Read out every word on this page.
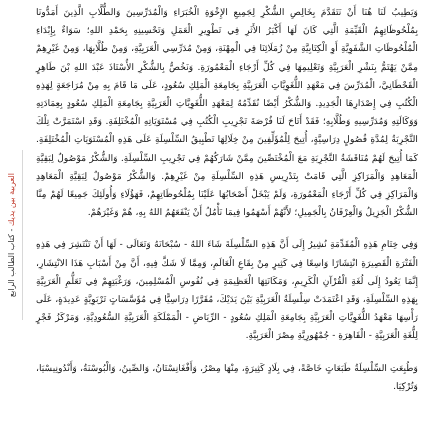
العربية بين يديك - كتاب الطالب الرابع

وَيَطِيبُ لَنَا هُنَا أَنْ نَتَقَدَّمَ بِخَالِصِ الشُّكْرِ لِجَمِيعِ الإِخْوَةِ الْخُبَرَاءِ وَالْمُدَرِّسِينَ وَالطُّلَّابِ الَّذِينَ أَمَدُّونَا بِمُلْحُوظَاتِهِمُ الْقَيِّمَةِ الَّتِي كَانَ لَهَا أَكْبَرُ الأَثَرِ فِي تَطْوِيرِ الْعَمَلِ وَتَحْسِينِهِ بِحَمْدِ اللهِ؛ سَوَاءٌ بِإِبْدَاءِ الْمُلْحُوظَاتِ الشَّفَوِيَّةِ أَوِ الْكِتَابِيَّةِ مِنْ زُمَلَائِنَا فِي الْمِهْنَةِ، وَمِنْ مُدَرِّسِي الْعَرَبِيَّةِ، وَمِنْ طُلَّابِهَا، وَمِنْ غَيْرِهِمْ مِمَّنْ يَهْتَمُّ بِنَشْرِ الْعَرَبِيَّةِ وَتَعْلِيمِهَا فِي كُلِّ أَرْجَاءِ الْمَعْمُورَةِ. وَنَخُصُّ بِالشُّكْرِ الأُسْتَاذَ عَبْدَ اللهِ بْنَ طَاهِرٍ الْقَحْطَانِيَّ، الْمُدَرِّسَ فِي مَعْهَدِ اللُّغَوِيَّاتِ الْعَرَبِيَّةِ بِجَامِعَةِ الْمَلِكِ سُعُودٍ، عَلَى مَا قَامَ بِهِ مِنْ مُرَاجَعَةٍ لِهَذِهِ الْكُتُبِ فِي إِصْدَارِهَا الْجَدِيدِ. وَالشُّكْرُ أَيْضًا نُقَدِّمُهُ لِمَعْهَدِ اللُّغَوِيَّاتِ الْعَرَبِيَّةِ بِجَامِعَةِ الْمَلِكِ سُعُودٍ بِعِمَادَتِهِ وَوَكَالَتِهِ وَمُدَرِّسِيهِ وَطُلَّابِهِ؛ فَقَدْ أَتَاحَ لَنَا فُرْصَةَ تَجْرِيبِ الْكُتُبِ فِي مُسْتَوَيَاتِهِ الْمُخْتَلِفَةِ. وَقَدِ اسْتَمَرَّتْ تِلْكَ التَّجْرِبَةُ لِمُدَّةِ فُصُولٍ دِرَاسِيَّةٍ، أُتِيحَ لِلْمُؤَلِّفِينَ مِنْ خِلَالِهَا تَطْبِيقُ السِّلْسِلَةِ عَلَى هَذِهِ الْمُسْتَوَيَاتِ الْمُخْتَلِفَةِ. كَمَا أُتِيحَ لَهُمْ مُنَاقَشَةُ التَّجْرِبَةِ مَعَ الْمُخْتَصِّينَ مِمَّنْ شَارَكُهُمْ فِي تَجْرِيبِ السِّلْسِلَةِ. وَالشُّكْرُ مَوْصُولٌ لِبَقِيَّةِ الْمَعَاهِدِ وَالْمَرَاكِزِ الَّتِي قَامَتْ بِتَدْرِيسِ هَذِهِ السِّلْسِلَةِ مِنْ غَيْرِهِمْ. وَالشُّكْرُ مَوْصُولٌ لِبَقِيَّةِ الْمَعَاهِدِ وَالْمَرَاكِزِ فِي كُلِّ أَرْجَاءِ الْمَعْمُورَةِ، وَلَمْ يَبْخَلْ أَصْحَابُهَا عَلَيْنَا بِمُلْحُوظَاتِهِمْ، فَهَؤُلَاءِ وَأُولَئِكَ جَمِيعًا لَهُمْ مِنَّا الشُّكْرُ الْجَزِيلُ وَالْعِرْفَانُ بِالْجَمِيلِ؛ لأَنَّهُمْ أَسْهَمُوا فِيمَا نَأْمُلُ أَنْ يَنْفَعَهُمُ اللهُ بِهِ، هُمْ وَغَيْرَهُمْ.

وَفِي خِتَامِ هَذِهِ الْمُقَدِّمَةِ نُشِيرُ إِلَى أَنَّ هَذِهِ السِّلْسِلَةَ شَاءَ اللهُ - سُبْحَانَهُ وَتَعَالَى - لَهَا أَنْ تَنْتَشِرَ فِي هَذِهِ الْفَتْرَةِ الْقَصِيرَةِ انْتِشَارًا وَاسِعًا فِي كَثِيرٍ مِنْ بِقَاعِ الْعَالَمِ، وَمِمَّا لَا شَكَّ فِيهِ، أَنَّ مِنْ أَسْبَابِ هَذَا الانْتِشَارِ، إِنَّمَا يَعُودُ إِلَى لُغَةِ الْقُرْآنِ الْكَرِيمِ، وَمَكَانَتِهَا الْعَظِيمَةِ فِي نُفُوسِ الْمُسْلِمِينَ، وَرَغْبَتِهِمْ فِي تَعَلُّمِ الْعَرَبِيَّةِ بِهَذِهِ السِّلْسِلَةِ، وَقَدِ اعْتَمَدَتْ سِلْسِلَةُ الْعَرَبِيَّةِ بَيْنَ يَدَيْكَ، مُقَرَّرًا دِرَاسِيًّا فِي مُؤَسَّسَاتٍ تَرْبَوِيَّةٍ عَدِيدَةٍ، عَلَى رَأْسِهَا مَعْهَدُ اللُّغَوِيَّاتِ الْعَرَبِيَّةِ بِجَامِعَةِ الْمَلِكِ سُعُودٍ - الرِّيَاضِ - الْمَمْلَكَةِ الْعَرَبِيَّةِ السُّعُودِيَّةِ، وَمَرْكَزُ فَجْرٍ لِلُّغَةِ الْعَرَبِيَّةِ - الْقَاهِرَةِ - جُمْهُورِيَّةِ مِصْرَ الْعَرَبِيَّةِ.

وَطُبِعَتِ السِّلْسِلَةُ طَبَعَاتٍ خَاصَّةً، فِي بِلَادٍ كَثِيرَةٍ، مِنْهَا مِصْرُ، وَأَفْغَانِسْتَانُ، وَالصِّينُ، وَالْبُوسْنَةُ، وَأَنْدُونِيسْيَا، وَتُرْكِيَا.
